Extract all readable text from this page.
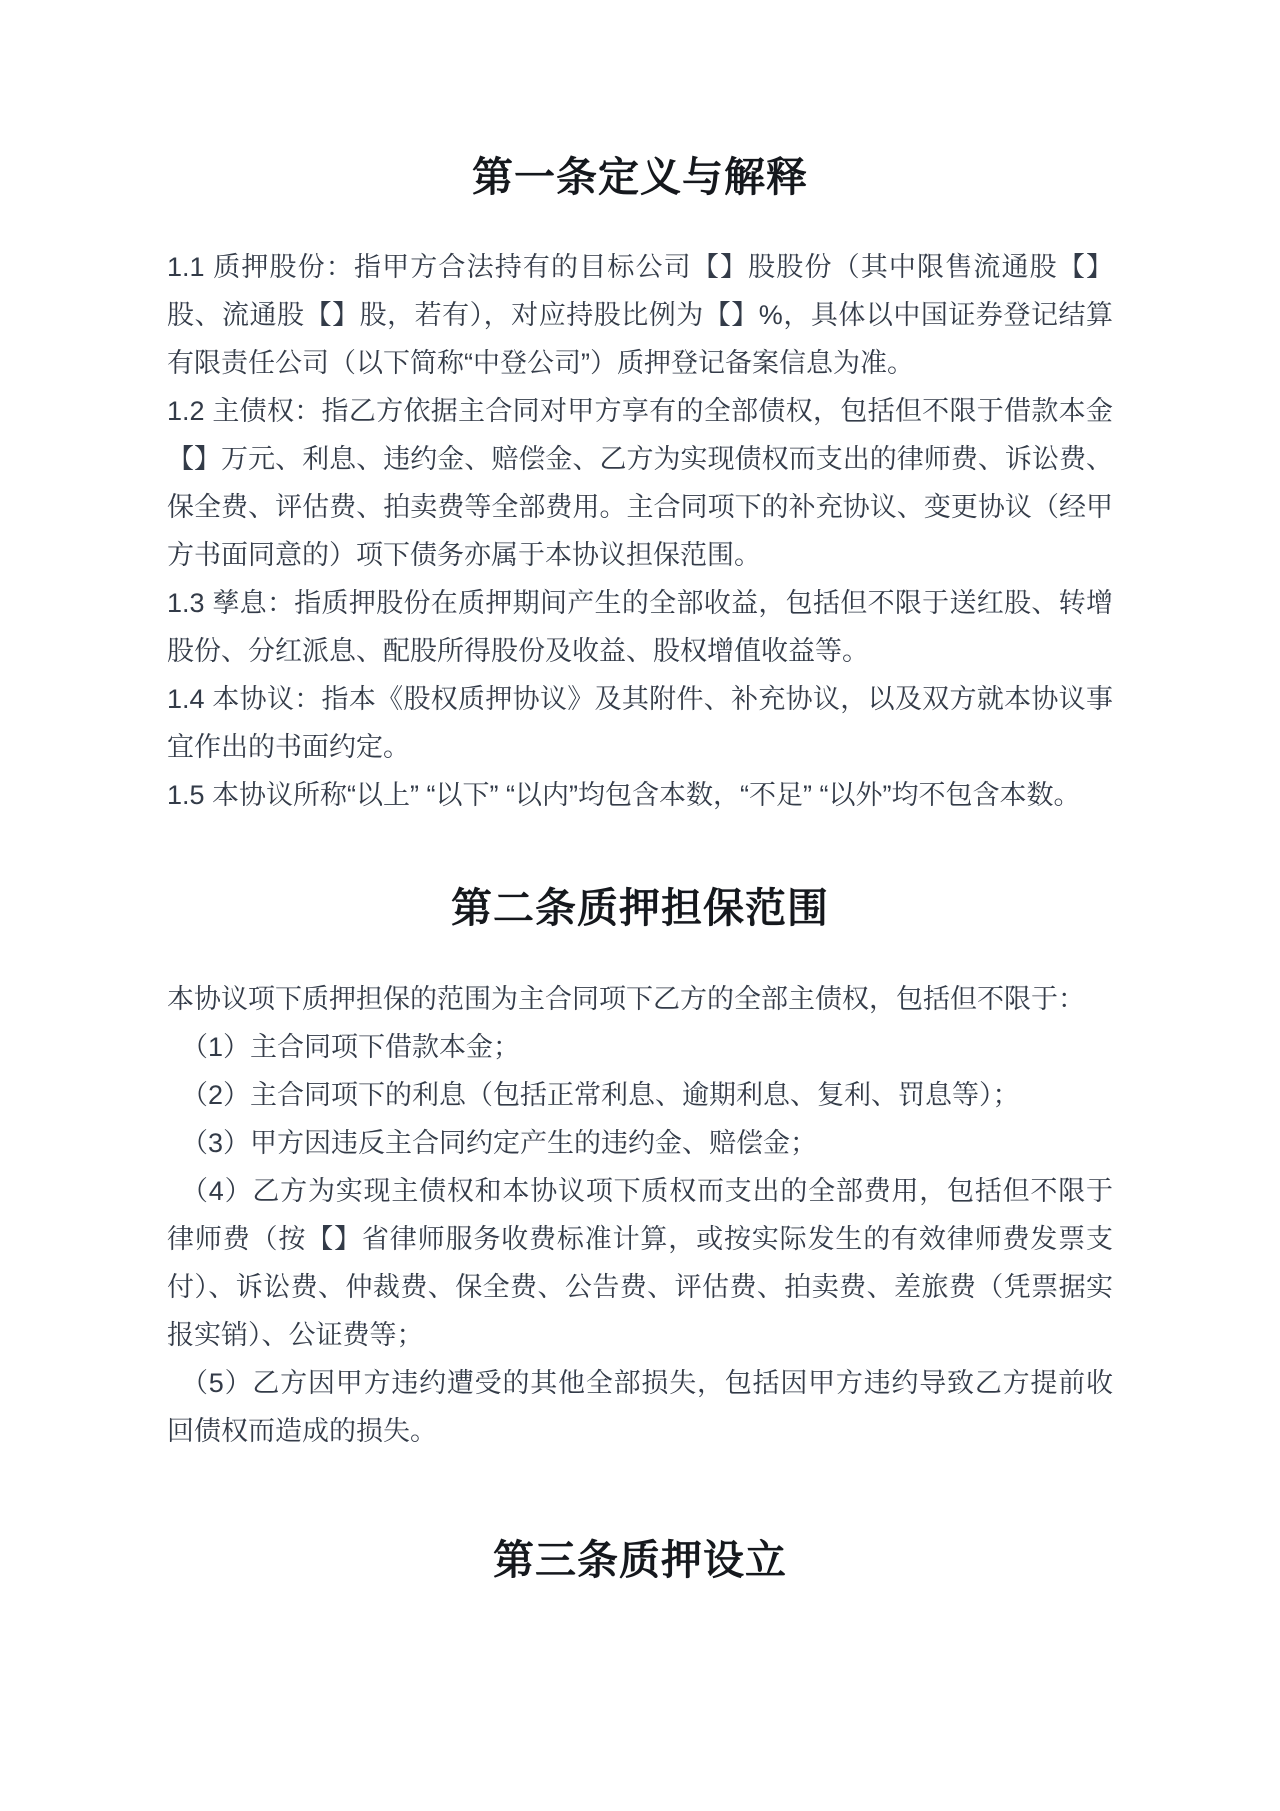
第一条定义与解释

1.1 质押股份：指甲方合法持有的目标公司【】股股份（其中限售流通股【】股、流通股【】股，若有），对应持股比例为【】%，具体以中国证券登记结算有限责任公司（以下简称“中登公司”）质押登记备案信息为准。

1.2 主债权：指乙方依据主合同对甲方享有的全部债权，包括但不限于借款本金【】万元、利息、违约金、赔偿金、乙方为实现债权而支出的律师费、诉讼费、保全费、评估费、拍卖费等全部费用。主合同项下的补充协议、变更协议（经甲方书面同意的）项下债务亦属于本协议担保范围。

1.3 孳息：指质押股份在质押期间产生的全部收益，包括但不限于送红股、转增股份、分红派息、配股所得股份及收益、股权增值收益等。

1.4 本协议：指本《股权质押协议》及其附件、补充协议，以及双方就本协议事宜作出的书面约定。

1.5 本协议所称“以上” “以下” “以内”均包含本数，“不足” “以外”均不包含本数。

第二条质押担保范围

本协议项下质押担保的范围为主合同项下乙方的全部主债权，包括但不限于：

（1）主合同项下借款本金；

（2）主合同项下的利息（包括正常利息、逾期利息、复利、罚息等）；

（3）甲方因违反主合同约定产生的违约金、赔偿金；

（4）乙方为实现主债权和本协议项下质权而支出的全部费用，包括但不限于律师费（按【】省律师服务收费标准计算，或按实际发生的有效律师费发票支付）、诉讼费、仲裁费、保全费、公告费、评估费、拍卖费、差旅费（凭票据实报实销）、公证费等；

（5）乙方因甲方违约遭受的其他全部损失，包括因甲方违约导致乙方提前收回债权而造成的损失。

第三条质押设立
